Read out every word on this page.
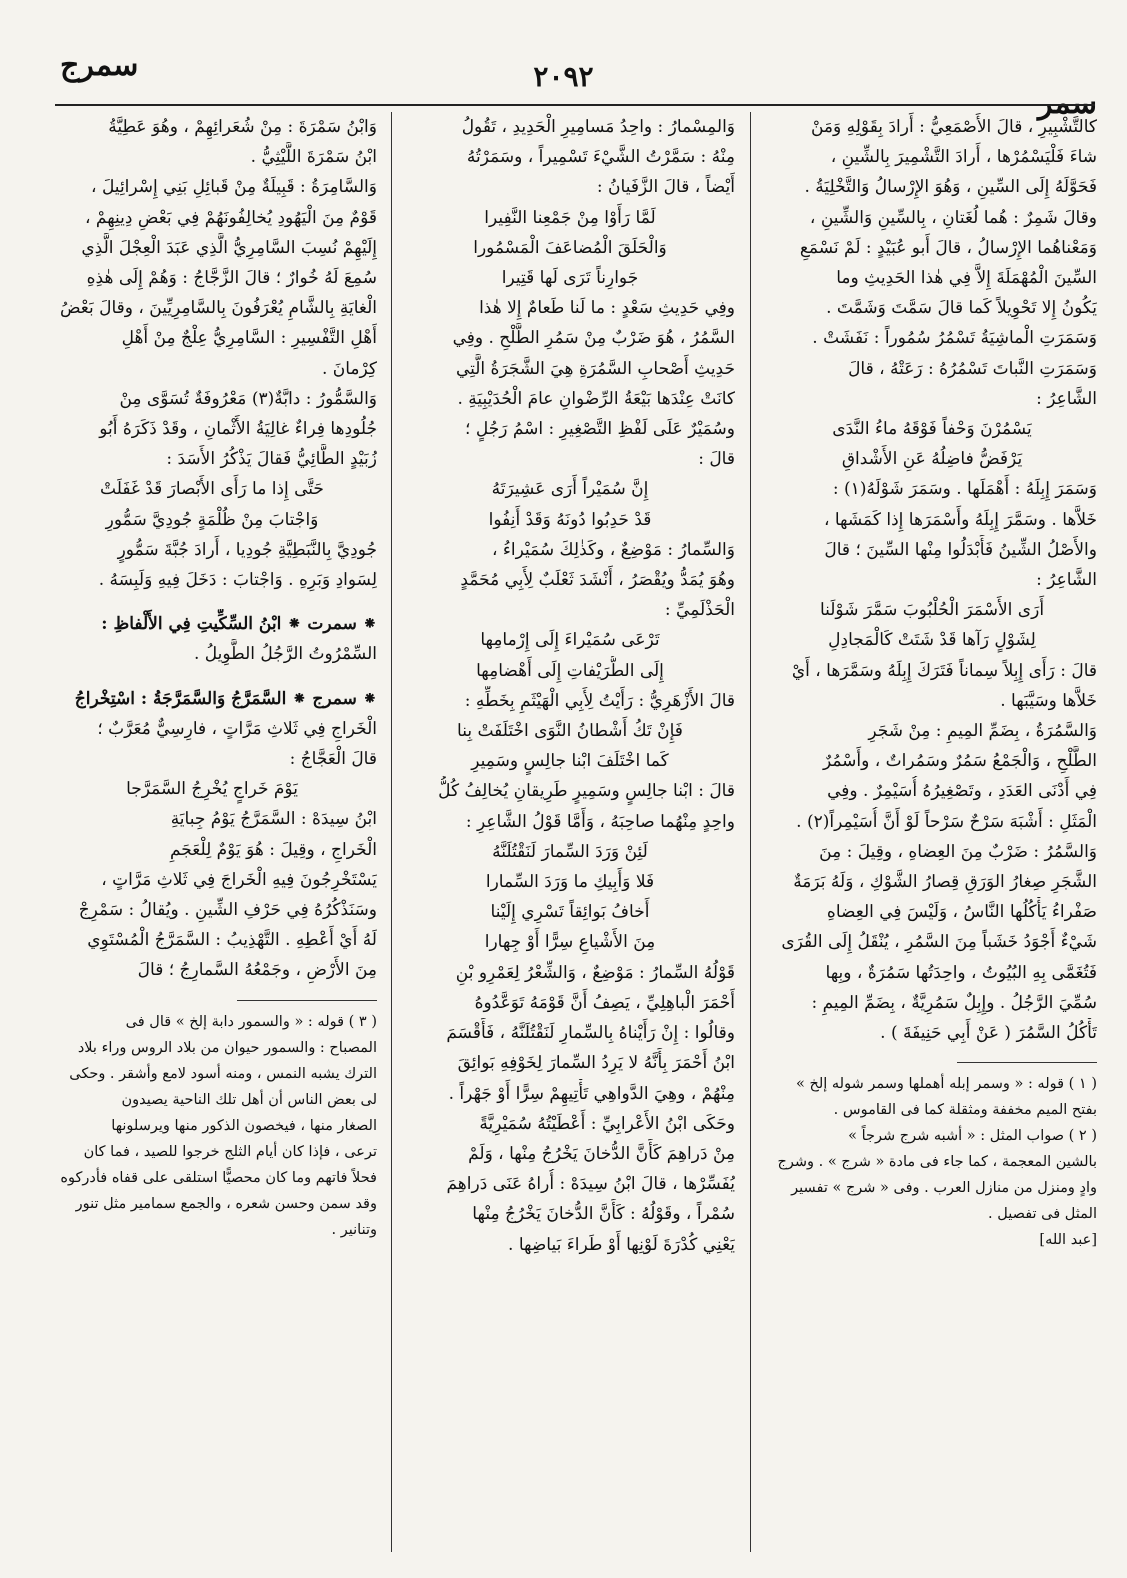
سمر
٢٠٩٢
سمرج
كالتَّشْبِيرِ ، قالَ الأَصْمَعِيُّ : أَرادَ بِقَوْلِهِ وَمَنْ
شاءَ فَلْيَسْمُرْها ، أَرادَ التَّشْمِيرَ بِالشِّينِ ،
فَحَوَّلَهُ إِلَى السِّينِ ، وَهُوَ الإِرْسالُ وَالتَّخْلِيَةُ .
وقالَ شَمِرٌ : هُما لُغَتانِ ، بِالسِّينِ وَالشِّينِ ،
وَمَعْناهُما الإِرْسالُ ، قالَ أَبو عُبَيْدٍ : لَمْ نَسْمَعِ
السِّينَ الْمُهْمَلَةَ إِلاَّ فِي هٰذا الحَدِيثِ وما
يَكُونُ إِلا تَحْوِيلاً كَما قالَ سَمَّتَ وَشَمَّتَ .
وَسَمَرَتِ الْماشِيَةُ تَسْمُرُ سُمُوراً : نَفَشَتْ .
وَسَمَرَتِ النَّباتَ تَسْمُرُهُ : رَعَتْهُ ، قالَ
الشَّاعِرُ :
يَسْمُرْنَ وَحْفاً فَوْقَهُ ماءُ النَّدَى
يَرْفَضُّ فاضِلُهُ عَنِ الأَشْداقِ
وَسَمَرَ إِبِلَهُ : أَهْمَلَها . وسَمَرَ شَوْلَهُ(١) :
خَلاَّها . وسَمَّرَ إِبِلَهُ وأَسْمَرَها إِذا كَمَشَها ،
والأَصْلُ الشِّينُ فَأَبْدَلُوا مِنْها السِّينَ ؛ قالَ
الشَّاعِرُ :
أَرَى الأَسْمَرَ الْحُلْبُوبَ سَمَّرَ شَوْلَنا
لِشَوْلٍ رَآها قَدْ شَتَتْ كَالْمَجادِلِ
قالَ : رَأَى إِبِلاً سِماناً فَتَرَكَ إِبِلَهُ وسَمَّرَها ، أَيْ
خَلاَّها وسَيَّبَها .
وَالسَّمُرَةُ ، بِضَمِّ المِيمِ : مِنْ شَجَرِ
الطَّلْحِ ، وَالْجَمْعُ سَمُرٌ وسَمُراتٌ ، وأَسْمُرٌ
فِي أَدْنَى العَدَدِ ، وتَصْغِيرُهُ أُسَيْمِرٌ . وفِي
الْمَثَلِ : أَشْبَهَ سَرْحٌ سَرْحاً لَوْ أَنَّ أُسَيْمِراً(٢) .
وَالسَّمُرُ : ضَرْبٌ مِنَ العِضاهِ ، وقِيلَ : مِنَ
الشَّجَرِ صِغارُ الوَرَقِ قِصارُ الشَّوْكِ ، وَلَهُ بَرَمَةٌ
صَفْراءُ يَأْكُلُها النَّاسُ ، وَلَيْسَ فِي العِضاهِ
شَيْءٌ أَجْوَدُ خَشَباً مِنَ السَّمُرِ ، يُنْقَلُ إِلَى القُرَى
فَتُغَمَّى بِهِ البُيُوتُ ، واحِدَتُها سَمُرَةٌ ، وبِها
سُمِّيَ الرَّجُلُ . وإِبِلٌ سَمُرِيَّةٌ ، بِضَمِّ المِيمِ :
تَأْكُلُ السَّمُرَ ( عَنْ أَبِي حَنِيفَةَ ) .
( ١ ) قوله : « وسمر إبله أهملها وسمر شوله إلخ »
بفتح الميم مخففة ومثقلة كما فى القاموس .
( ٢ ) صواب المثل : « أشبه شرج شرجاً »
بالشين المعجمة ، كما جاء فى مادة « شرج » . وشرج
وادٍ ومنزل من منازل العرب . وفى « شرج » تفسير
المثل فى تفصيل .
[عبد الله]
وَالمِسْمارُ : واحِدُ مَسامِيرِ الْحَدِيدِ ، تَقُولُ
مِنْهُ : سَمَّرْتُ الشَّيْءَ تَسْمِيراً ، وسَمَرْتُهُ
أَيْضاً ، قالَ الزَّفَيانُ :
لَمَّا رَأَوْا مِنْ جَمْعِنا النَّفِيرا
وَالْحَلَقَ الْمُضاعَفَ الْمَسْمُورا
جَوارِناً تَرَى لَها قَتِيرا
وفِي حَدِيثِ سَعْدٍ : ما لَنا طَعامٌ إِلا هٰذا
السَّمُرُ ، هُوَ ضَرْبٌ مِنْ سَمُرِ الطَّلْحِ . وفِي
حَدِيثِ أَصْحابِ السَّمُرَةِ هِيَ الشَّجَرَةُ الَّتِي
كانَتْ عِنْدَها بَيْعَةُ الرِّضْوانِ عامَ الْحُدَيْبِيَةِ .
وسُمَيْرٌ عَلَى لَفْظِ التَّصْغِيرِ : اسْمُ رَجُلٍ ؛
قالَ :
إِنَّ سُمَيْراً أَرَى عَشِيرَتَهُ
قَدْ حَدِبُوا دُونَهُ وَقَدْ أَنِفُوا
وَالسِّمارُ : مَوْضِعٌ ، وكَذٰلِكَ سُمَيْراءُ ،
وهُوَ يُمَدُّ ويُقْصَرُ ، أَنْشَدَ ثَعْلَبٌ لِأَبِي مُحَمَّدٍ
الْحَذْلَمِيِّ :
تَرْعَى سُمَيْراءَ إِلَى إِرْمامِها
إِلَى الطُّرَيْفاتِ إِلَى أَهْضامِها
قالَ الأَزْهَرِيُّ : رَأَيْتُ لِأَبِي الْهَيْثَمِ بِخَطِّهِ :
فَإِنْ تَكُ أَشْطانُ النَّوَى اخْتَلَفَتْ بِنا
كَما اخْتَلَفَ ابْنا جالِسٍ وسَمِيرِ
قالَ : ابْنا جالِسٍ وسَمِيرٍ طَرِيقانِ يُخالِفُ كُلُّ
واحِدٍ مِنْهُما صاحِبَهُ ، وَأَمَّا قَوْلُ الشَّاعِرِ :
لَئِنْ وَرَدَ السِّمارَ لَنَقْتُلَنَّهُ
فَلا وَأَبِيكِ ما وَرَدَ السِّمارا
أَخافُ بَوائِقاً تَسْرِي إِلَيْنا
مِنَ الأَشْياعِ سِرًّا أَوْ جِهارا
قَوْلُهُ السِّمارُ : مَوْضِعٌ ، وَالشِّعْرُ لِعَمْرِو بْنِ
أَحْمَرَ الْباهِلِيِّ ، يَصِفُ أَنَّ قَوْمَهُ تَوَعَّدُوهُ
وقالُوا : إِنْ رَأَيْناهُ بِالسِّمارِ لَنَقْتُلَنَّهُ ، فَأَقْسَمَ
ابْنُ أَحْمَرَ بِأَنَّهُ لا يَرِدُ السِّمارَ لِخَوْفِهِ بَوائِقَ
مِنْهُمْ ، وهِيَ الدَّواهِي تَأْتِيهِمْ سِرًّا أَوْ جَهْراً .
وحَكَى ابْنُ الأَعْرابِيِّ : أَعْطَيْتُهُ سُمَيْرِيَّةً
مِنْ دَراهِمَ كَأَنَّ الدُّخانَ يَخْرُجُ مِنْها ، وَلَمْ
يُفَسِّرْها ، قالَ ابْنُ سِيدَهْ : أُراهُ عَنَى دَراهِمَ
سُمْراً ، وقَوْلُهُ : كَأَنَّ الدُّخانَ يَخْرُجُ مِنْها
يَعْنِي كُدْرَةَ لَوْنِها أَوْ طَراءَ بَياضِها .
وَابْنُ سَمْرَةَ : مِنْ شُعَرائِهِمْ ، وهُوَ عَطِيَّةُ
ابْنُ سَمْرَةَ اللَّيْثِيُّ .
وَالسَّامِرَةُ : قَبِيلَةٌ مِنْ قَبائِلِ بَنِي إِسْرائِيلَ ،
قَوْمٌ مِنَ الْيَهُودِ يُخالِفُونَهُمْ فِي بَعْضِ دِينِهِمْ ،
إِلَيْهِمْ نُسِبَ السَّامِرِيُّ الَّذِي عَبَدَ الْعِجْلَ الَّذِي
سُمِعَ لَهُ خُوارٌ ؛ قالَ الزَّجَّاجُ : وَهُمْ إِلَى هٰذِهِ
الْغايَةِ بِالشَّامِ يُعْرَفُونَ بِالسَّامِرِيِّينَ ، وقالَ بَعْضُ
أَهْلِ التَّفْسِيرِ : السَّامِرِيُّ عِلْجٌ مِنْ أَهْلِ
كِرْمانَ .
وَالسَّمُّورُ : دابَّةٌ(٣) مَعْرُوفَةٌ تُسَوَّى مِنْ
جُلُودِها فِراءٌ غالِيَةُ الأَثْمانِ ، وقَدْ ذَكَرَهُ أَبُو
زُبَيْدٍ الطَّائِيُّ فَقالَ يَذْكُرُ الأَسَدَ :
حَتَّى إِذا ما رَأَى الأَبْصارَ قَدْ غَفَلَتْ
وَاجْتابَ مِنْ ظُلْمَةٍ جُودِيَّ سَمُّورِ
جُودِيَّ بِالنَّبَطِيَّةِ جُودِيا ، أَرادَ جُبَّةَ سَمُّورٍ
لِسَوادِ وَبَرِهِ . وَاجْتابَ : دَخَلَ فِيهِ وَلَبِسَهُ .
⁕ سمرت ⁕ ابْنُ السِّكِّيتِ فِي الأَلْفاظِ :
السِّمْرُوتُ الرَّجُلُ الطَّوِيلُ .
⁕ سمرج ⁕ السَّمَرَّجُ وَالسَّمَرَّجَةُ : اسْتِخْراجُ
الْخَراجِ فِي ثَلاثِ مَرَّاتٍ ، فارِسِيٌّ مُعَرَّبٌ ؛
قالَ الْعَجَّاجُ :
يَوْمَ خَراجٍ يُخْرِجُ السَّمَرَّجا
ابْنُ سِيدَهْ : السَّمَرَّجُ يَوْمُ جِبايَةِ
الْخَراجِ ، وقِيلَ : هُوَ يَوْمٌ لِلْعَجَمِ
يَسْتَخْرِجُونَ فِيهِ الْخَراجَ فِي ثَلاثِ مَرَّاتٍ ،
وسَنَذْكُرُهُ فِي حَرْفِ الشِّينِ . ويُقالُ : سَمْرِجْ
لَهُ أَيْ أَعْطِهِ . التَّهْذِيبُ : السَّمَرَّجُ الْمُسْتَوِي
مِنَ الأَرْضِ ، وجَمْعُهُ السَّمارِجُ ؛ قالَ
( ٣ ) قوله : « والسمور دابة إلخ » قال فى
المصباح : والسمور حيوان من بلاد الروس وراء بلاد
الترك يشبه النمس ، ومنه أسود لامع وأشقر . وحكى
لى بعض الناس أن أهل تلك الناحية يصيدون
الصغار منها ، فيخصون الذكور منها ويرسلونها
ترعى ، فإذا كان أيام الثلج خرجوا للصيد ، فما كان
فحلاً فاتهم وما كان محصيًّا استلقى على قفاه فأدركوه
وقد سمن وحسن شعره ، والجمع سمامير مثل تنور
وتنانير .
